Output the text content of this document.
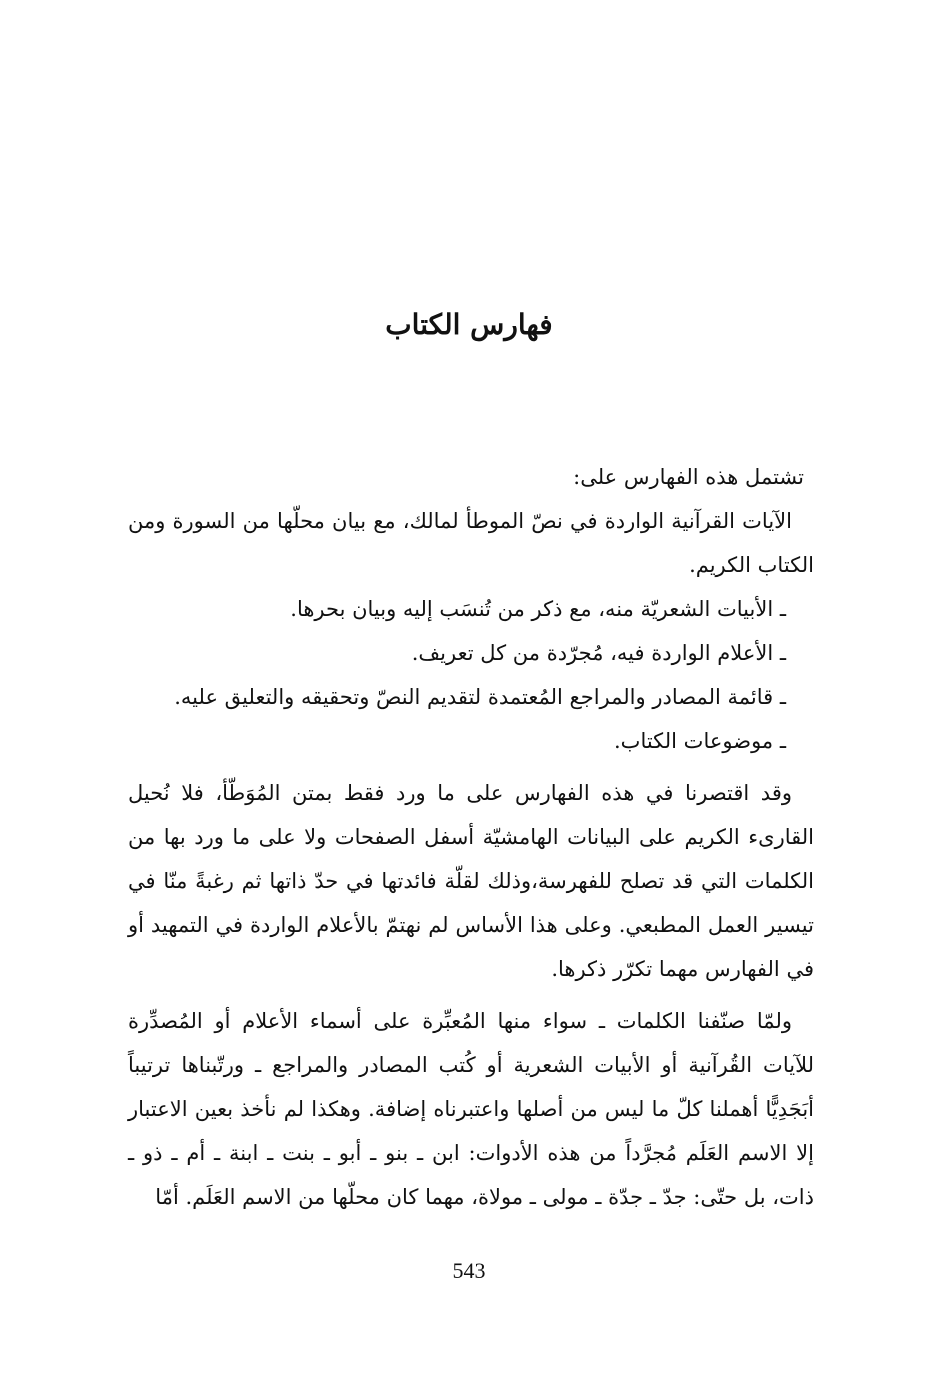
فهارس الكتاب

تشتمل هذه الفهارس على:

الآيات القرآنية الواردة في نصّ الموطأ لمالك، مع بيان محلّها من السورة ومن الكتاب الكريم.

ـ الأبيات الشعريّة منه، مع ذكر من تُنسَب إليه وبيان بحرها.
ـ الأعلام الواردة فيه، مُجرّدة من كل تعريف.
ـ قائمة المصادر والمراجع المُعتمدة لتقديم النصّ وتحقيقه والتعليق عليه.
ـ موضوعات الكتاب.

وقد اقتصرنا في هذه الفهارس على ما ورد فقط بمتن المُوَطّأ، فلا نُحيل القارىء الكريم على البيانات الهامشيّة أسفل الصفحات ولا على ما ورد بها من الكلمات التي قد تصلح للفهرسة،وذلك لقلّة فائدتها في حدّ ذاتها ثم رغبةً منّا في تيسير العمل المطبعي. وعلى هذا الأساس لم نهتمّ بالأعلام الواردة في التمهيد أو في الفهارس مهما تكرّر ذكرها.

ولمّا صنّفنا الكلمات ـ سواء منها المُعبِّرة على أسماء الأعلام أو المُصدِّرة للآيات القُرآنية أو الأبيات الشعرية أو كُتب المصادر والمراجع ـ ورتّبناها ترتيباً أبَجَدِيًّا أهملنا كلّ ما ليس من أصلها واعتبرناه إضافة. وهكذا لم نأخذ بعين الاعتبار إلا الاسم العَلَم مُجرَّداً من هذه الأدوات: ابن ـ بنو ـ أبو ـ بنت ـ ابنة ـ أم ـ ذو ـ ذات، بل حتّى: جدّ ـ جدّة ـ مولى ـ مولاة، مهما كان محلّها من الاسم العَلَم. أمّا

543
